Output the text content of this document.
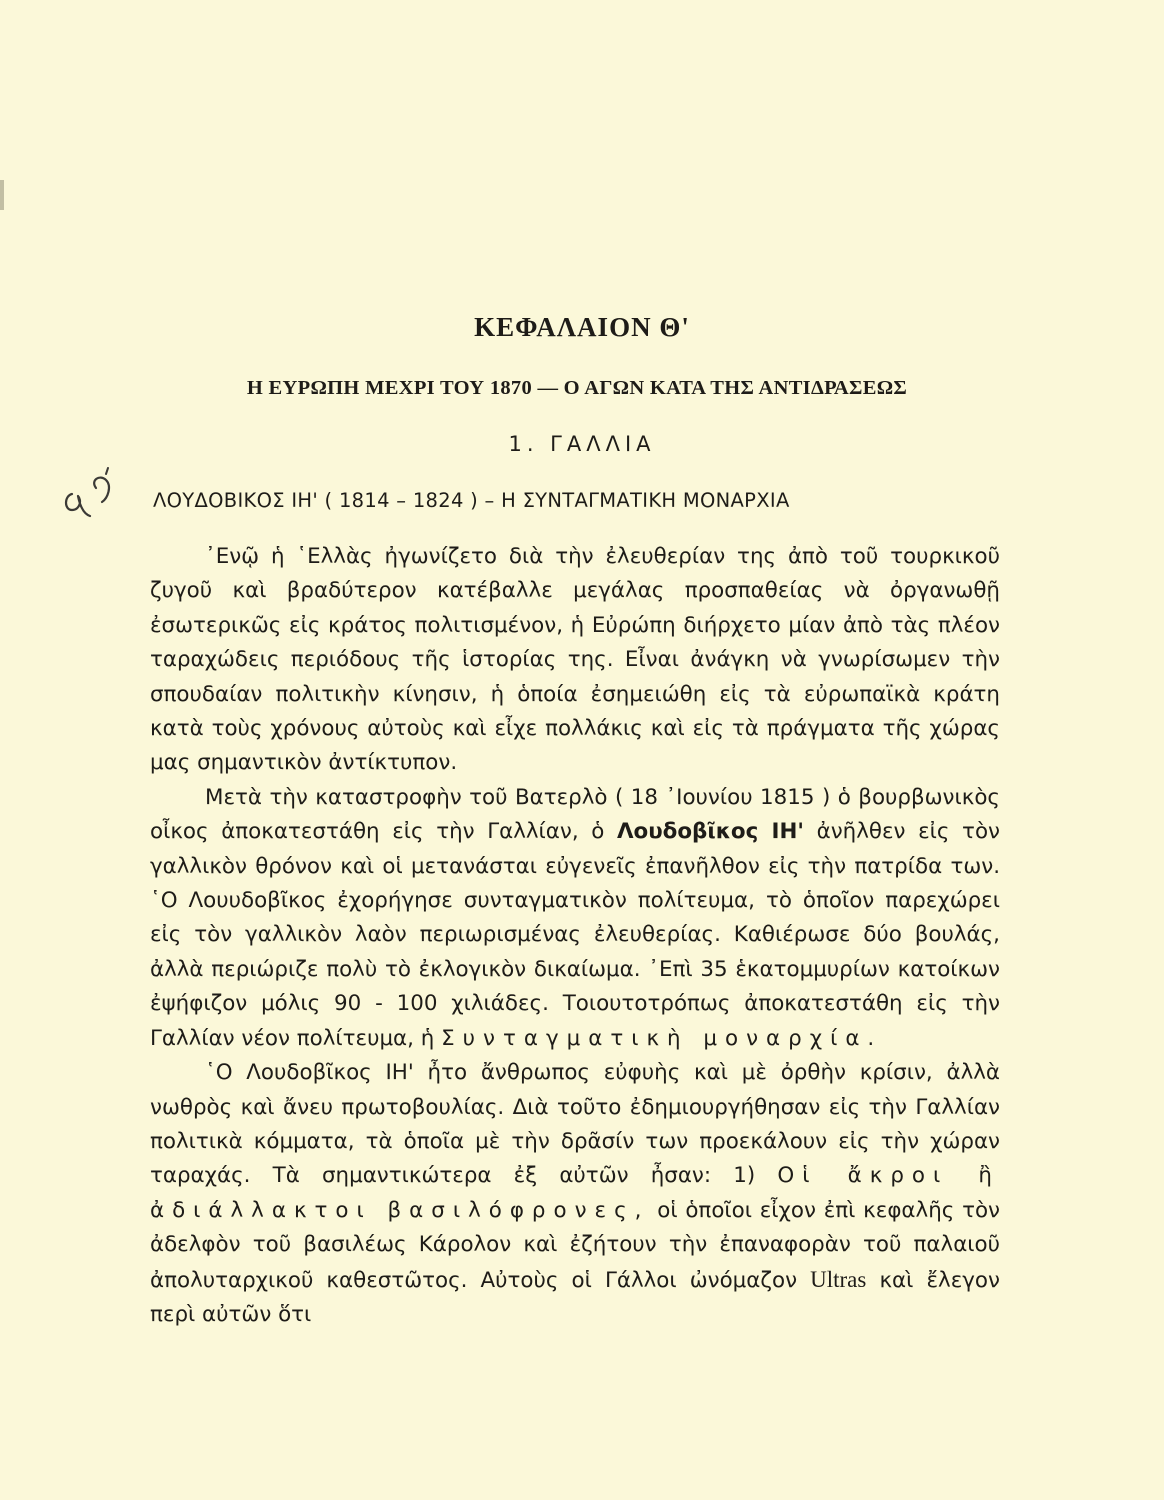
ΚΕΦΑΛΑΙΟΝ Θ'
Η ΕΥΡΩΠΗ ΜΕΧΡΙ ΤΟΥ 1870 — Ο ΑΓΩΝ ΚΑΤΑ ΤΗΣ ΑΝΤΙΔΡΑΣΕΩΣ
1. ΓΑΛΛΙΑ
ΛΟΥΔΟΒΙΚΟΣ ΙΗ' ( 1814 – 1824 ) – Η ΣΥΝΤΑΓΜΑΤΙΚΗ ΜΟΝΑΡΧΙΑ

᾿Ενῷ ἡ ῾Ελλὰς ἠγωνίζετο διὰ τὴν ἐλευθερίαν της ἀπὸ τοῦ τουρκικοῦ ζυγοῦ καὶ βραδύτερον κατέβαλλε μεγάλας προσπαθείας νὰ ὀργανωθῇ ἐσωτερικῶς εἰς κράτος πολιτισμένον, ἡ Εὐρώπη διήρχετο μίαν ἀπὸ τὰς πλέον ταραχώδεις περιόδους τῆς ἱστορίας της. Εἶναι ἀνάγκη νὰ γνωρίσωμεν τὴν σπουδαίαν πολιτικὴν κίνησιν, ἡ ὁποία ἐσημειώθη εἰς τὰ εὐρωπαϊκὰ κράτη κατὰ τοὺς χρόνους αὐτοὺς καὶ εἶχε πολλάκις καὶ εἰς τὰ πράγματα τῆς χώρας μας σημαντικὸν ἀντίκτυπον.

Μετὰ τὴν καταστροφὴν τοῦ Βατερλὸ ( 18 ᾿Ιουνίου 1815 ) ὁ βουρβωνικὸς οἶκος ἀποκατεστάθη εἰς τὴν Γαλλίαν, ὁ Λουδοβῖκος ΙΗ' ἀνῆλθεν εἰς τὸν γαλλικὸν θρόνον καὶ οἱ μετανάσται εὐγενεῖς ἐπανῆλθον εἰς τὴν πατρίδα των. ῾Ο Λουυδοβῖκος ἐχορήγησε συνταγματικὸν πολίτευμα, τὸ ὁποῖον παρεχώρει εἰς τὸν γαλλικὸν λαὸν περιωρισμένας ἐλευθερίας. Καθιέρωσε δύο βουλάς, ἀλλὰ περιώριζε πολὺ τὸ ἐκλογικὸν δικαίωμα. ᾿Επὶ 35 ἑκατομμυρίων κατοίκων ἐψήφιζον μόλις 90 - 100 χιλιάδες. Τοιουτοτρόπως ἀποκατεστάθη εἰς τὴν Γαλλίαν νέον πολίτευμα, ἡ Συνταγματικὴ μοναρχία.

῾Ο Λουδοβῖκος ΙΗ' ἦτο ἄνθρωπος εὐφυὴς καὶ μὲ ὀρθὴν κρίσιν, ἀλλὰ νωθρὸς καὶ ἄνευ πρωτοβουλίας. Διὰ τοῦτο ἐδημιουργήθησαν εἰς τὴν Γαλλίαν πολιτικὰ κόμματα, τὰ ὁποῖα μὲ τὴν δρᾶσίν των προεκάλουν εἰς τὴν χώραν ταραχάς. Τὰ σημαντικώτερα ἐξ αὐτῶν ἦσαν: 1) Οἱ ἄκροι ἢ ἀδιάλλακτοι βασιλόφρονες, οἱ ὁποῖοι εἶχον ἐπὶ κεφαλῆς τὸν ἀδελφὸν τοῦ βασιλέως Κάρολον καὶ ἐζήτουν τὴν ἐπαναφορὰν τοῦ παλαιοῦ ἀπολυταρχικοῦ καθεστῶτος. Αὐτοὺς οἱ Γάλλοι ὠνόμαζον Ultras καὶ ἔλεγον περὶ αὐτῶν ὅτι
